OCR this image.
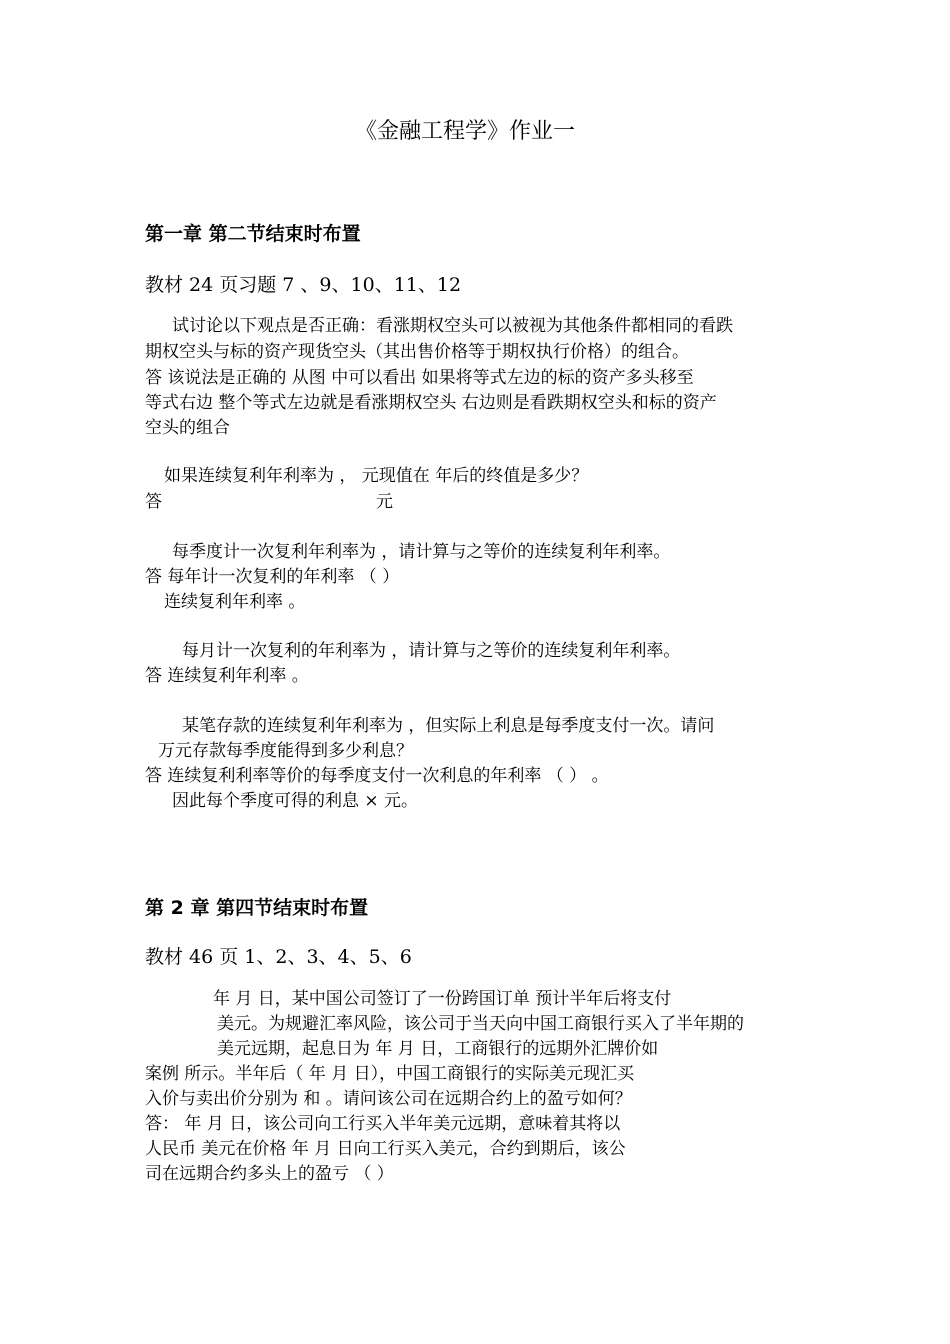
《金融工程学》作业一
第一章 第二节结束时布置
教材 24 页习题 7 、9、10、11、12
试讨论以下观点是否正确：看涨期权空头可以被视为其他条件都相同的看跌
期权空头与标的资产现货空头（其出售价格等于期权执行价格）的组合。
答 该说法是正确的 从图 中可以看出 如果将等式左边的标的资产多头移至
等式右边 整个等式左边就是看涨期权空头 右边则是看跌期权空头和标的资产
空头的组合
如果连续复利年利率为 ， 元现值在 年后的终值是多少？
答	元
每季度计一次复利年利率为 ，请计算与之等价的连续复利年利率。
答 每年计一次复利的年利率 （ ）
连续复利年利率 。
每月计一次复利的年利率为 ，请计算与之等价的连续复利年利率。
答 连续复利年利率 。
某笔存款的连续复利年利率为 ，但实际上利息是每季度支付一次。请问
万元存款每季度能得到多少利息？
答 连续复利利率等价的每季度支付一次利息的年利率 （ ） 。
因此每个季度可得的利息 × 元。
第 2 章 第四节结束时布置
教材 46 页 1、2、3、4、5、6
年 月 日，某中国公司签订了一份跨国订单 预计半年后将支付
美元。为规避汇率风险，该公司于当天向中国工商银行买入了半年期的
美元远期，起息日为 年 月 日，工商银行的远期外汇牌价如
案例 所示。半年后（ 年 月 日），中国工商银行的实际美元现汇买
入价与卖出价分别为 和 。请问该公司在远期合约上的盈亏如何？
答： 年 月 日，该公司向工行买入半年美元远期，意味着其将以
人民币 美元在价格 年 月 日向工行买入美元，合约到期后，该公
司在远期合约多头上的盈亏 （ ）
